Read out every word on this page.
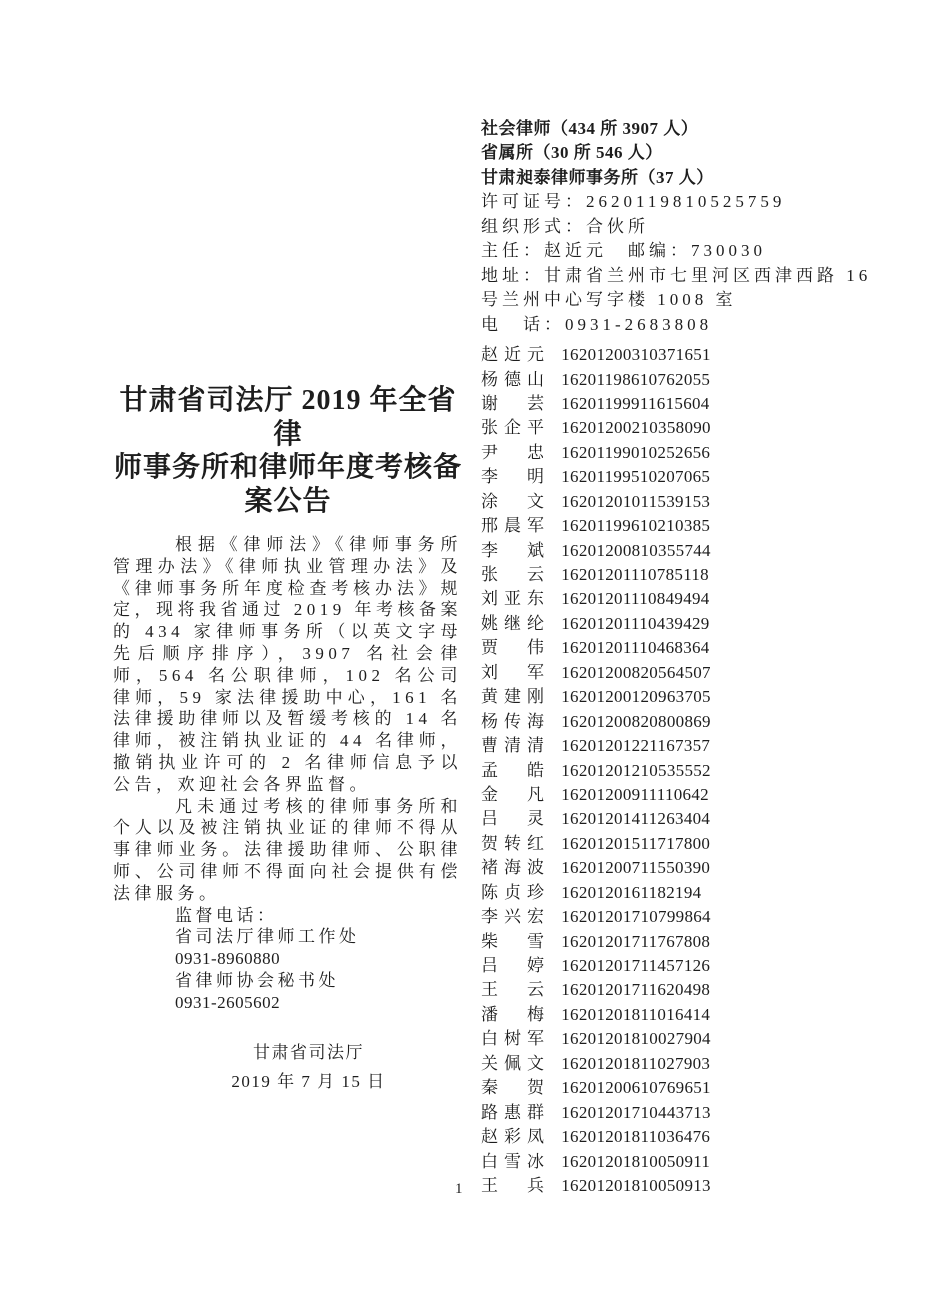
甘肃省司法厅 2019 年全省律
师事务所和律师年度考核备
案公告

根据《律师法》《律师事务所管理办法》《律师执业管理办法》及《律师事务所年度检查考核办法》规定，现将我省通过 2019 年考核备案的 434 家律师事务所（以英文字母先后顺序排序），3907 名社会律师，564 名公职律师，102 名公司律师，59 家法律援助中心，161 名法律援助律师以及暂缓考核的 14 名律师，被注销执业证的 44 名律师，撤销执业许可的 2 名律师信息予以公告，欢迎社会各界监督。

凡未通过考核的律师事务所和个人以及被注销执业证的律师不得从事律师业务。法律援助律师、公职律师、公司律师不得面向社会提供有偿法律服务。

监督电话：
省司法厅律师工作处
0931-8960880
省律师协会秘书处
0931-2605602
甘肃省司法厅
2019 年 7 月 15 日
社会律师（434 所 3907 人）
省属所（30 所 546 人）
甘肃昶泰律师事务所（37 人）
许可证号：2620119810525759
组织形式：合伙所
主任：赵近元　邮编：730030
地址：甘肃省兰州市七里河区西津西路 16 号兰州中心写字楼 1008 室
电　话：0931-2683808
赵近元 16201200310371651
杨德山 16201198610762055
谢　芸 16201199911615604
张企平 16201200210358090
尹　忠 16201199010252656
李　明 16201199510207065
涂　文 16201201011539153
邢晨军 16201199610210385
李　斌 16201200810355744
张　云 16201201110785118
刘亚东 16201201110849494
姚继纶 16201201110439429
贾　伟 16201201110468364
刘　军 16201200820564507
黄建刚 16201200120963705
杨传海 16201200820800869
曹清清 16201201221167357
孟　皓 16201201210535552
金　凡 16201200911110642
吕　灵 16201201411263404
贺转红 16201201511717800
褚海波 16201200711550390
陈贞珍 1620120161182194
李兴宏 16201201710799864
柴　雪 16201201711767808
吕　婷 16201201711457126
王　云 16201201711620498
潘　梅 16201201811016414
白树军 16201201810027904
关佩文 16201201811027903
秦　贺 16201200610769651
路惠群 16201201710443713
赵彩凤 16201201811036476
白雪冰 16201201810050911
王　兵 16201201810050913
1
